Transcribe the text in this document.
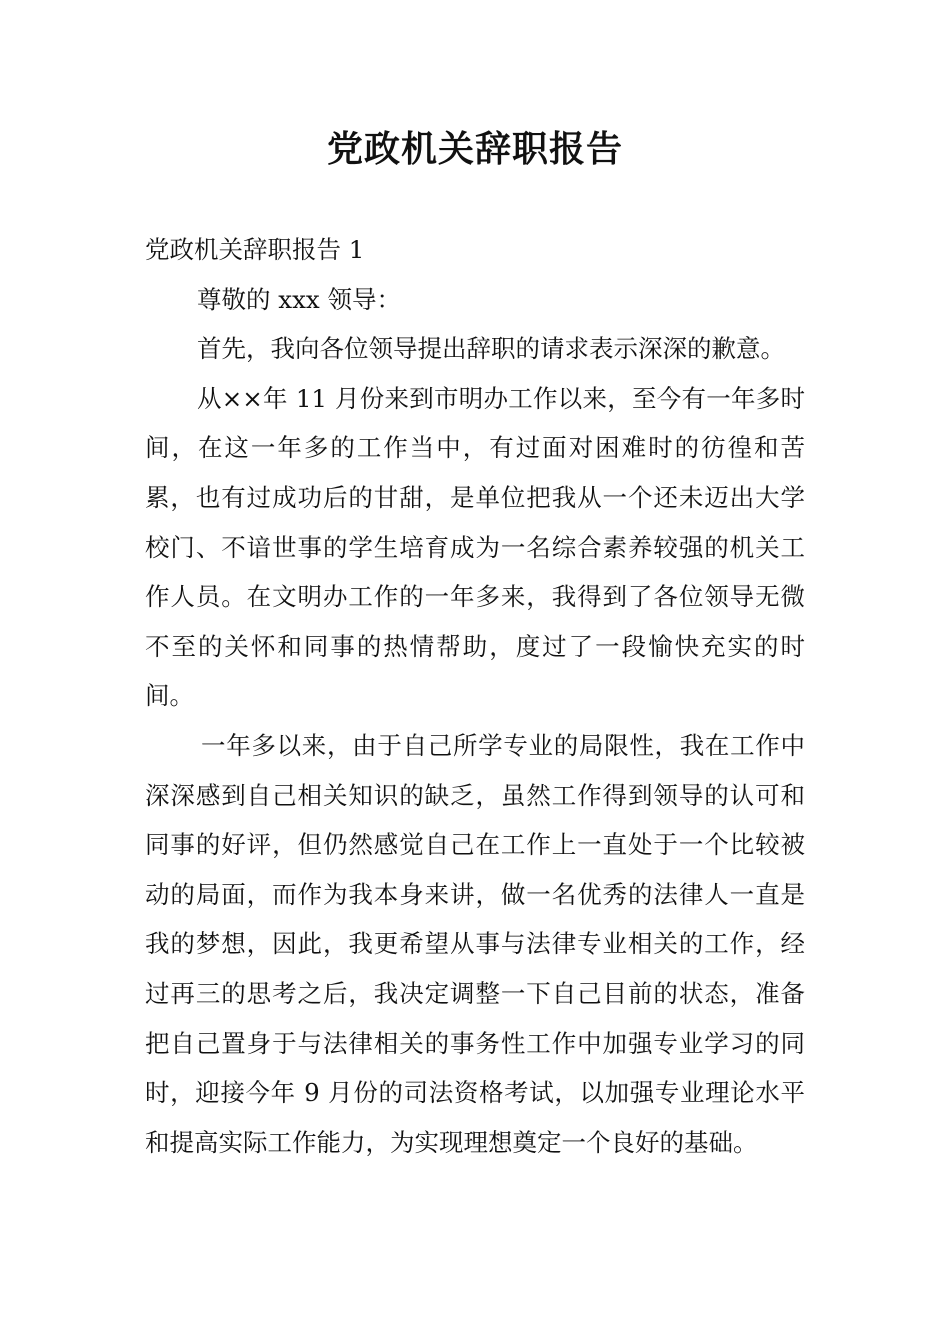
党政机关辞职报告

党政机关辞职报告 1

尊敬的 xxx 领导：

首先，我向各位领导提出辞职的请求表示深深的歉意。

从××年 11 月份来到市明办工作以来，至今有一年多时间，在这一年多的工作当中，有过面对困难时的彷徨和苦累，也有过成功后的甘甜，是单位把我从一个还未迈出大学校门、不谙世事的学生培育成为一名综合素养较强的机关工作人员。在文明办工作的一年多来，我得到了各位领导无微不至的关怀和同事的热情帮助，度过了一段愉快充实的时间。

一年多以来，由于自己所学专业的局限性，我在工作中深深感到自己相关知识的缺乏，虽然工作得到领导的认可和同事的好评，但仍然感觉自己在工作上一直处于一个比较被动的局面，而作为我本身来讲，做一名优秀的法律人一直是我的梦想，因此，我更希望从事与法律专业相关的工作，经过再三的思考之后，我决定调整一下自己目前的状态，准备把自己置身于与法律相关的事务性工作中加强专业学习的同时，迎接今年 9 月份的司法资格考试，以加强专业理论水平和提高实际工作能力，为实现理想奠定一个良好的基础。
